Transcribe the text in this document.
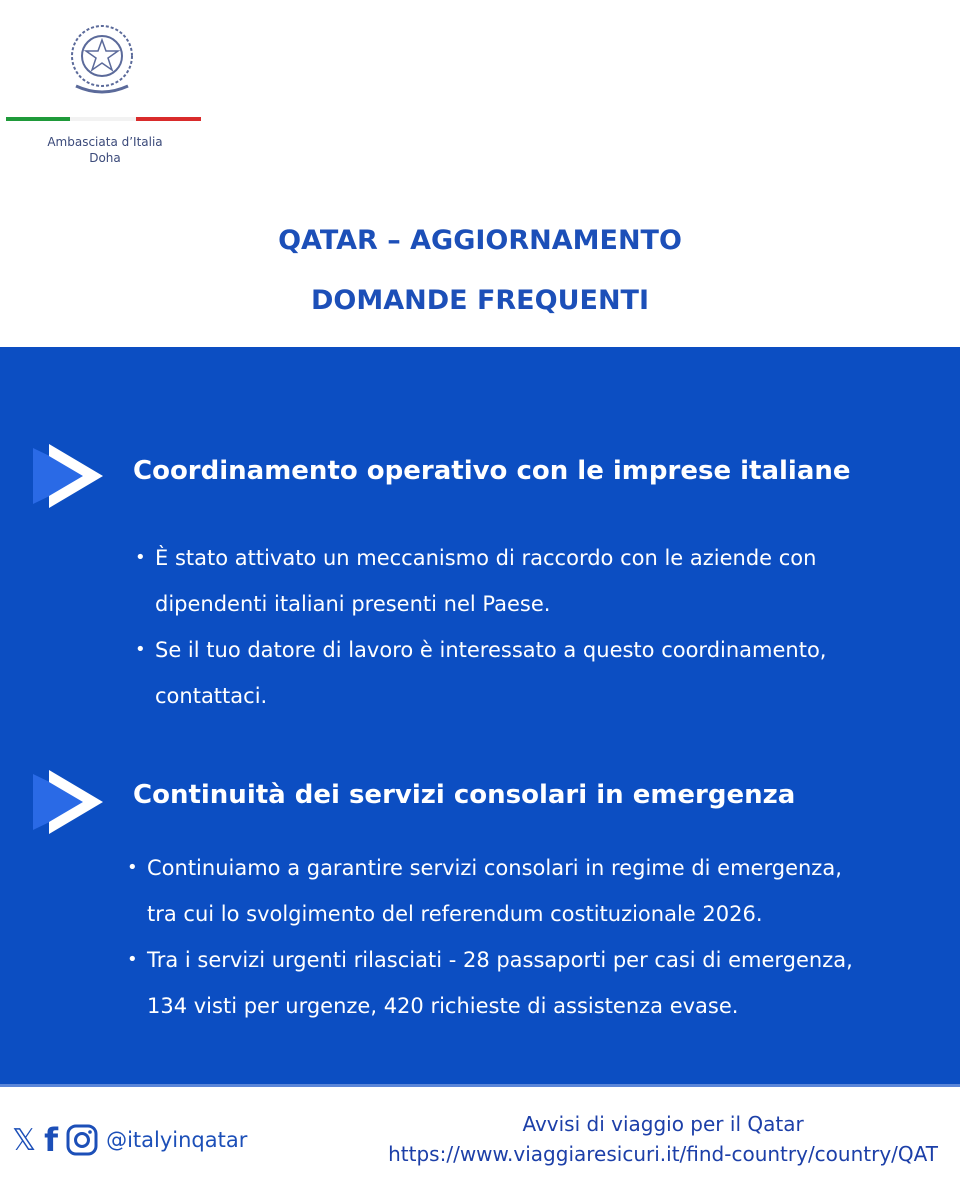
Ambasciata d’Italia
Doha
QATAR – AGGIORNAMENTO
DOMANDE FREQUENTI
Coordinamento operativo con le imprese italiane
• È stato attivato un meccanismo di raccordo con le aziende con
dipendenti italiani presenti nel Paese.
• Se il tuo datore di lavoro è interessato a questo coordinamento,
contattaci.
Continuità dei servizi consolari in emergenza
• Continuiamo a garantire servizi consolari in regime di emergenza,
tra cui lo svolgimento del referendum costituzionale 2026.
• Tra i servizi urgenti rilasciati - 28 passaporti per casi di emergenza,
134 visti per urgenze, 420 richieste di assistenza evase.
𝕏 f @italyinqatar
Avvisi di viaggio per il Qatar
https://www.viaggiaresicuri.it/find-country/country/QAT
